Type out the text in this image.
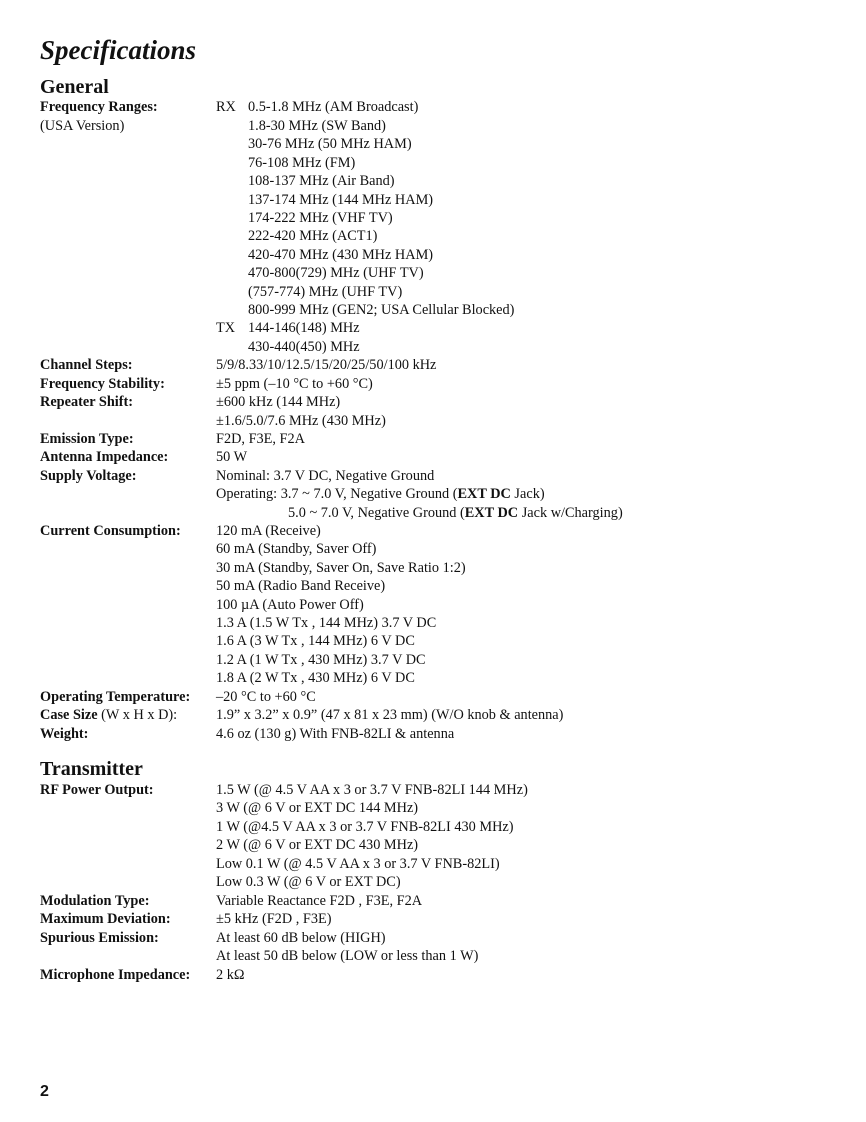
Specifications
General
Frequency Ranges:	RX 0.5-1.8 MHz (AM Broadcast)
(USA Version)	1.8-30 MHz (SW Band)
30-76 MHz (50 MHz HAM)
76-108 MHz (FM)
108-137 MHz (Air Band)
137-174 MHz (144 MHz HAM)
174-222 MHz (VHF TV)
222-420 MHz (ACT1)
420-470 MHz (430 MHz HAM)
470-800(729) MHz (UHF TV)
(757-774) MHz (UHF TV)
800-999 MHz (GEN2; USA Cellular Blocked)
TX 144-146(148) MHz
430-440(450) MHz
Channel Steps:	5/9/8.33/10/12.5/15/20/25/50/100 kHz
Frequency Stability:	±5 ppm (–10 °C to +60 °C)
Repeater Shift:	±600 kHz (144 MHz)
±1.6/5.0/7.6 MHz (430 MHz)
Emission Type:	F2D, F3E, F2A
Antenna Impedance:	50 W
Supply Voltage:	Nominal: 3.7 V DC, Negative Ground
Operating: 3.7 ~ 7.0 V, Negative Ground (EXT DC Jack)
5.0 ~ 7.0 V, Negative Ground (EXT DC Jack w/Charging)
Current Consumption: 120 mA (Receive)
60 mA (Standby, Saver Off)
30 mA (Standby, Saver On, Save Ratio 1:2)
50 mA (Radio Band Receive)
100 µA (Auto Power Off)
1.3 A (1.5 W Tx , 144 MHz) 3.7 V DC
1.6 A (3 W Tx , 144 MHz) 6 V DC
1.2 A (1 W Tx , 430 MHz) 3.7 V DC
1.8 A (2 W Tx , 430 MHz) 6 V DC
Operating Temperature: –20 °C to +60 °C
Case Size (W x H x D):	1.9” x 3.2” x 0.9” (47 x 81 x 23 mm) (W/O knob & antenna)
Weight:	4.6 oz (130 g) With FNB-82LI & antenna
Transmitter
RF Power Output:	1.5 W (@ 4.5 V AA x 3 or 3.7 V FNB-82LI 144 MHz)
3 W (@ 6 V or EXT DC 144 MHz)
1 W (@4.5 V AA x 3 or 3.7 V FNB-82LI 430 MHz)
2 W (@ 6 V or EXT DC 430 MHz)
Low 0.1 W (@ 4.5 V AA x 3 or 3.7 V FNB-82LI)
Low 0.3 W (@ 6 V or EXT DC)
Modulation Type:	Variable Reactance F2D , F3E, F2A
Maximum Deviation:	±5 kHz (F2D , F3E)
Spurious Emission:	At least 60 dB below (HIGH)
At least 50 dB below (LOW or less than 1 W)
Microphone Impedance: 2 kΩ
2
